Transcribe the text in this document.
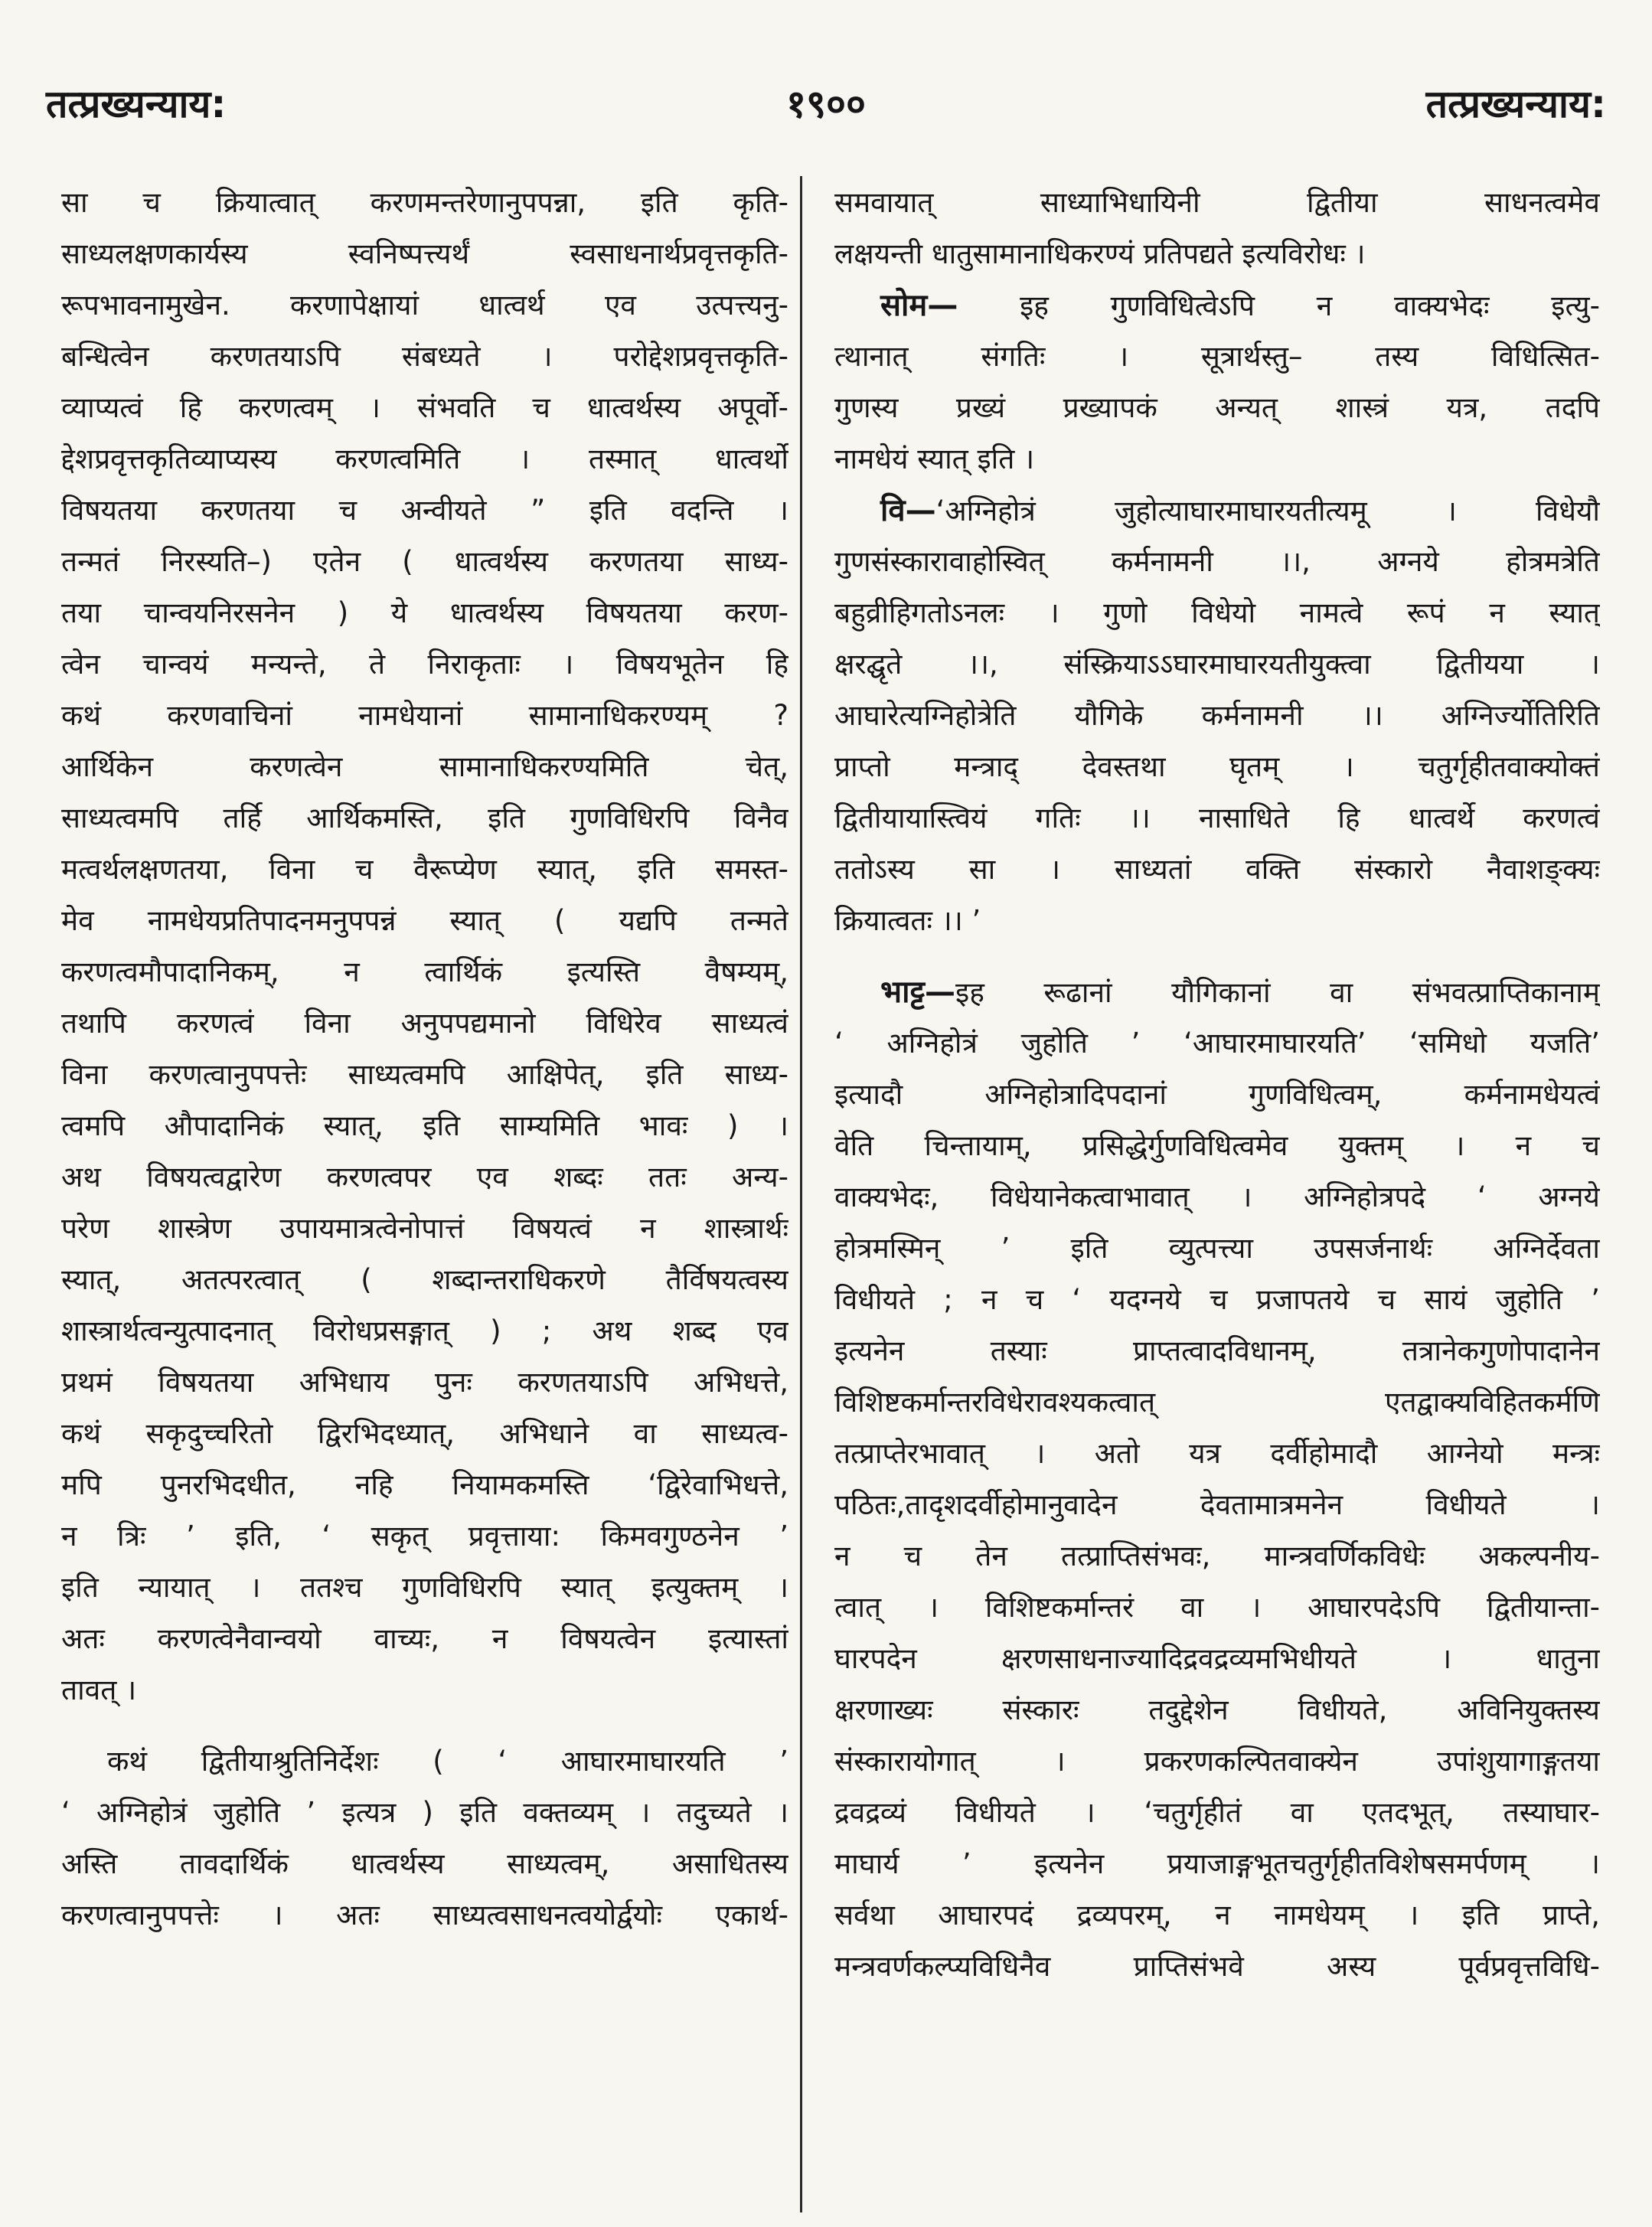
तत्प्रख्यन्याय:	१९००	तत्प्रख्यन्याय:
सा च क्रियात्वात् करणमन्तरेणानुपपन्ना, इति कृति-
साध्यलक्षणकार्यस्य स्वनिष्पत्त्यर्थं स्वसाधनार्थप्रवृत्तकृति-
रूपभावनामुखेन. करणापेक्षायां धात्वर्थ एव उत्पत्त्यनु-
बन्धित्वेन करणतयाऽपि संबध्यते । परोद्देशप्रवृत्तकृति-
व्याप्यत्वं हि करणत्वम् । संभवति च धात्वर्थस्य अपूर्वो-
द्देशप्रवृत्तकृतिव्याप्यस्य करणत्वमिति । तस्मात् धात्वर्थो
विषयतया करणतया च अन्वीयते ” इति वदन्ति ।
तन्मतं निरस्यति–) एतेन ( धात्वर्थस्य करणतया साध्य-
तया चान्वयनिरसनेन ) ये धात्वर्थस्य विषयतया करण-
त्वेन चान्वयं मन्यन्ते, ते निराकृताः । विषयभूतेन हि
कथं करणवाचिनां नामधेयानां सामानाधिकरण्यम् ?
आर्थिकेन करणत्वेन सामानाधिकरण्यमिति चेत्,
साध्यत्वमपि तर्हि आर्थिकमस्ति, इति गुणविधिरपि विनैव
मत्वर्थलक्षणतया, विना च वैरूप्येण स्यात्, इति समस्त-
मेव नामधेयप्रतिपादनमनुपपन्नं स्यात् ( यद्यपि तन्मते
करणत्वमौपादानिकम्, न त्वार्थिकं इत्यस्ति वैषम्यम्,
तथापि करणत्वं विना अनुपपद्यमानो विधिरेव साध्यत्वं
विना करणत्वानुपपत्तेः साध्यत्वमपि आक्षिपेत्, इति साध्य-
त्वमपि औपादानिकं स्यात्, इति साम्यमिति भावः ) ।
अथ विषयत्वद्वारेण करणत्वपर एव शब्दः ततः अन्य-
परेण शास्त्रेण उपायमात्रत्वेनोपात्तं विषयत्वं न शास्त्रार्थः
स्यात्, अतत्परत्वात् ( शब्दान्तराधिकरणे तैर्विषयत्वस्य
शास्त्रार्थत्वन्युत्पादनात् विरोधप्रसङ्गात् ) ; अथ शब्द एव
प्रथमं विषयतया अभिधाय पुनः करणतयाऽपि अभिधत्ते,
कथं सकृदुच्चरितो द्विरभिदध्यात्, अभिधाने वा साध्यत्व-
मपि पुनरभिदधीत, नहि नियामकमस्ति ‘द्विरेवाभिधत्ते,
न त्रिः ’ इति, ‘ सकृत् प्रवृत्ताया: किमवगुण्ठनेन ’
इति न्यायात् । ततश्च गुणविधिरपि स्यात् इत्युक्तम् ।
अतः करणत्वेनैवान्वयो वाच्यः, न विषयत्वेन इत्यास्तां
तावत् ।
कथं द्वितीयाश्रुतिनिर्देशः ( ‘ आघारमाघारयति ’
‘ अग्निहोत्रं जुहोति ’ इत्यत्र ) इति वक्तव्यम् । तदुच्यते ।
अस्ति तावदार्थिकं धात्वर्थस्य साध्यत्वम्, असाधितस्य
करणत्वानुपपत्तेः । अतः साध्यत्वसाधनत्वयोर्द्वयोः एकार्थ-
समवायात् साध्याभिधायिनी द्वितीया साधनत्वमेव
लक्षयन्ती धातुसामानाधिकरण्यं प्रतिपद्यते इत्यविरोधः ।
सोम— इह गुणविधित्वेऽपि न वाक्यभेदः इत्यु-
त्थानात् संगतिः । सूत्रार्थस्तु– तस्य विधित्सित-
गुणस्य प्रख्यं प्रख्यापकं अन्यत् शास्त्रं यत्र, तदपि
नामधेयं स्यात् इति ।
वि—‘अग्निहोत्रं जुहोत्याघारमाघारयतीत्यमू । विधेयौ
गुणसंस्कारावाहोस्वित् कर्मनामनी ।।, अग्नये होत्रमत्रेति
बहुव्रीहिगतोऽनलः । गुणो विधेयो नामत्वे रूपं न स्यात्
क्षरद्घृते ।।, संस्क्रियाऽऽघारमाघारयतीयुक्त्वा द्वितीयया ।
आघारेत्यग्निहोत्रेति यौगिके कर्मनामनी ।। अग्निर्ज्योतिरिति
प्राप्तो मन्त्राद् देवस्तथा घृतम् । चतुर्गृहीतवाक्योक्तं
द्वितीयायास्त्वियं गतिः ।। नासाधिते हि धात्वर्थे करणत्वं
ततोऽस्य सा । साध्यतां वक्ति संस्कारो नैवाशङ्क्यः
क्रियात्वतः ।। ’
भाट्ट—इह रूढानां यौगिकानां वा संभवत्प्राप्तिकानाम्
‘ अग्निहोत्रं जुहोति ’ ‘आघारमाघारयति’ ‘समिधो यजति’
इत्यादौ अग्निहोत्रादिपदानां गुणविधित्वम्, कर्मनामधेयत्वं
वेति चिन्तायाम्, प्रसिद्धेर्गुणविधित्वमेव युक्तम् । न च
वाक्यभेदः, विधेयानेकत्वाभावात् । अग्निहोत्रपदे ‘ अग्नये
होत्रमस्मिन् ’ इति व्युत्पत्त्या उपसर्जनार्थः अग्निर्देवता
विधीयते ; न च ‘ यदग्नये च प्रजापतये च सायं जुहोति ’
इत्यनेन तस्याः प्राप्तत्वादविधानम्, तत्रानेकगुणोपादानेन
विशिष्टकर्मान्तरविधेरावश्यकत्वात् एतद्वाक्यविहितकर्मणि
तत्प्राप्तेरभावात् । अतो यत्र दर्वीहोमादौ आग्नेयो मन्त्रः
पठितः,तादृशदर्वीहोमानुवादेन देवतामात्रमनेन विधीयते ।
न च तेन तत्प्राप्तिसंभवः, मान्त्रवर्णिकविधेः अकल्पनीय-
त्वात् । विशिष्टकर्मान्तरं वा । आघारपदेऽपि द्वितीयान्ता-
घारपदेन क्षरणसाधनाज्यादिद्रवद्रव्यमभिधीयते । धातुना
क्षरणाख्यः संस्कारः तदुद्देशेन विधीयते, अविनियुक्तस्य
संस्कारायोगात् । प्रकरणकल्पितवाक्येन उपांशुयागाङ्गतया
द्रवद्रव्यं विधीयते । ‘चतुर्गृहीतं वा एतदभूत्, तस्याघार-
माघार्य ’ इत्यनेन प्रयाजाङ्गभूतचतुर्गृहीतविशेषसमर्पणम् ।
सर्वथा आघारपदं द्रव्यपरम्, न नामधेयम् । इति प्राप्ते,
मन्त्रवर्णकल्प्यविधिनैव प्राप्तिसंभवे अस्य पूर्वप्रवृत्तविधि-
